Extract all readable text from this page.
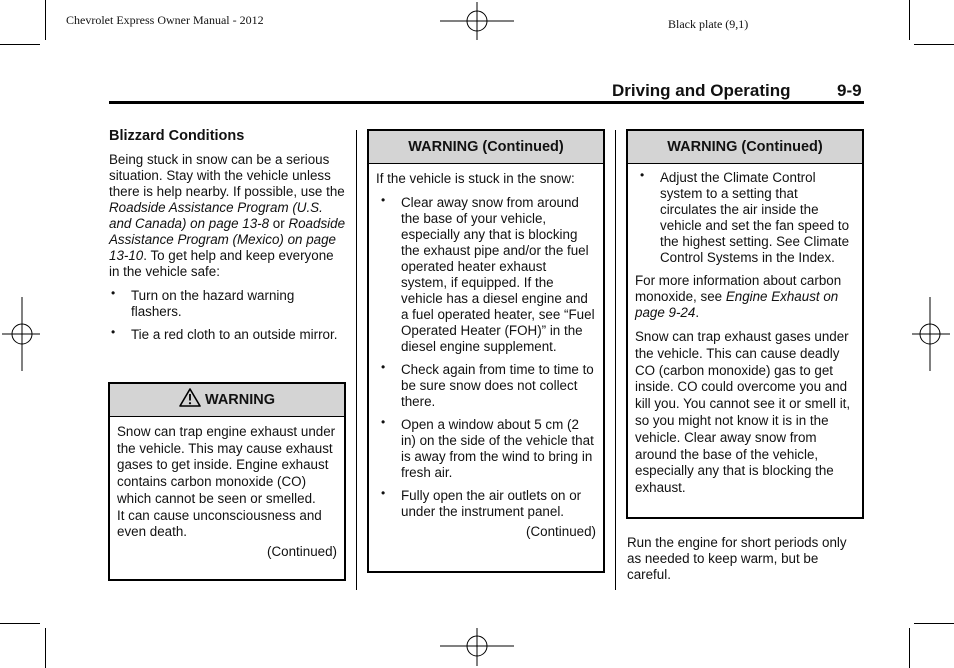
Chevrolet Express Owner Manual - 2012	Black plate (9,1)
Driving and Operating	9-9
Blizzard Conditions

Being stuck in snow can be a serious situation. Stay with the vehicle unless there is help nearby. If possible, use the Roadside Assistance Program (U.S. and Canada) on page 13-8 or Roadside Assistance Program (Mexico) on page 13-10. To get help and keep everyone in the vehicle safe:

• Turn on the hazard warning flashers.
• Tie a red cloth to an outside mirror.
WARNING

Snow can trap engine exhaust under the vehicle. This may cause exhaust gases to get inside. Engine exhaust contains carbon monoxide (CO) which cannot be seen or smelled.

It can cause unconsciousness and even death.

(Continued)
WARNING (Continued)

If the vehicle is stuck in the snow:

• Clear away snow from around the base of your vehicle, especially any that is blocking the exhaust pipe and/or the fuel operated heater exhaust system, if equipped. If the vehicle has a diesel engine and a fuel operated heater, see “Fuel Operated Heater (FOH)” in the diesel engine supplement.
• Check again from time to time to be sure snow does not collect there.
• Open a window about 5 cm (2 in) on the side of the vehicle that is away from the wind to bring in fresh air.
• Fully open the air outlets on or under the instrument panel.
(Continued)
WARNING (Continued)
• Adjust the Climate Control system to a setting that circulates the air inside the vehicle and set the fan speed to the highest setting. See Climate Control Systems in the Index.

For more information about carbon monoxide, see Engine Exhaust on page 9-24.

Snow can trap exhaust gases under the vehicle. This can cause deadly CO (carbon monoxide) gas to get inside. CO could overcome you and kill you. You cannot see it or smell it, so you might not know it is in the vehicle. Clear away snow from around the base of the vehicle, especially any that is blocking the exhaust.

Run the engine for short periods only as needed to keep warm, but be careful.
